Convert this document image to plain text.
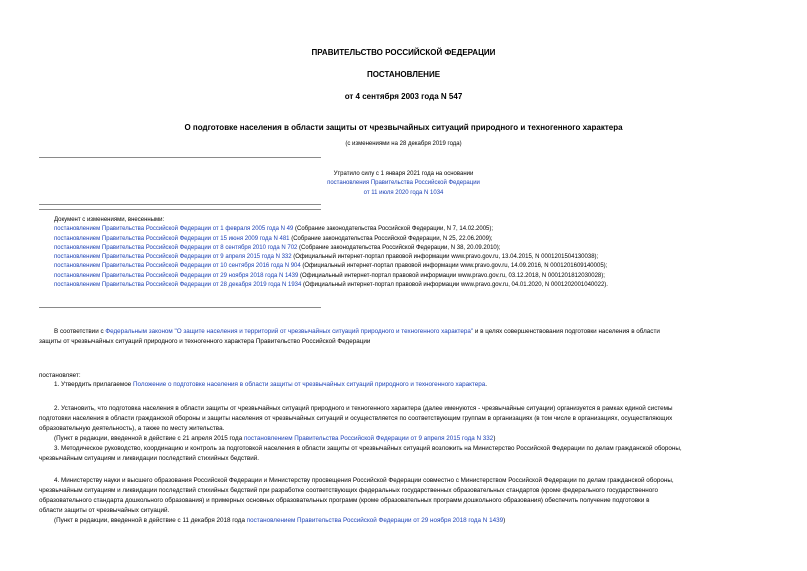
ПРАВИТЕЛЬСТВО РОССИЙСКОЙ ФЕДЕРАЦИИ
ПОСТАНОВЛЕНИЕ
от 4 сентября 2003 года N 547
О подготовке населения в области защиты от чрезвычайных ситуаций природного и техногенного характера
(с изменениями на 28 декабря 2019 года)
Утратило силу с 1 января 2021 года на основании
постановления Правительства Российской Федерации
от 11 июля 2020 года N 1034
Документ с изменениями, внесенными:
постановлением Правительства Российской Федерации от 1 февраля 2005 года N 49 (Собрание законодательства Российской Федерации, N 7, 14.02.2005);
постановлением Правительства Российской Федерации от 15 июня 2009 года N 481 (Собрание законодательства Российской Федерации, N 25, 22.06.2009);
постановлением Правительства Российской Федерации от 8 сентября 2010 года N 702 (Собрание законодательства Российской Федерации, N 38, 20.09.2010);
постановлением Правительства Российской Федерации от 9 апреля 2015 года N 332 (Официальный интернет-портал правовой информации www.pravo.gov.ru, 13.04.2015, N 0001201504130038);
постановлением Правительства Российской Федерации от 10 сентября 2016 года N 904 (Официальный интернет-портал правовой информации www.pravo.gov.ru, 14.09.2016, N 0001201609140005);
постановлением Правительства Российской Федерации от 29 ноября 2018 года N 1439 (Официальный интернет-портал правовой информации www.pravo.gov.ru, 03.12.2018, N 0001201812030028);
постановлением Правительства Российской Федерации от 28 декабря 2019 года N 1934 (Официальный интернет-портал правовой информации www.pravo.gov.ru, 04.01.2020, N 0001202001040022).
В соответствии с Федеральным законом "О защите населения и территорий от чрезвычайных ситуаций природного и техногенного характера" и в целях совершенствования подготовки населения в области
защиты от чрезвычайных ситуаций природного и техногенного характера Правительство Российской Федерации
постановляет:
1. Утвердить прилагаемое Положение о подготовке населения в области защиты от чрезвычайных ситуаций природного и техногенного характера.
2. Установить, что подготовка населения в области защиты от чрезвычайных ситуаций природного и техногенного характера (далее именуются - чрезвычайные ситуации) организуется в рамках единой системы
подготовки населения в области гражданской обороны и защиты населения от чрезвычайных ситуаций и осуществляется по соответствующим группам в организациях (в том числе в организациях, осуществляющих
образовательную деятельность), а также по месту жительства.
(Пункт в редакции, введенной в действие с 21 апреля 2015 года постановлением Правительства Российской Федерации от 9 апреля 2015 года N 332)
3. Методическое руководство, координацию и контроль за подготовкой населения в области защиты от чрезвычайных ситуаций возложить на Министерство Российской Федерации по делам гражданской обороны,
чрезвычайным ситуациям и ликвидации последствий стихийных бедствий.
4. Министерству науки и высшего образования Российской Федерации и Министерству просвещения Российской Федерации совместно с Министерством Российской Федерации по делам гражданской обороны,
чрезвычайным ситуациям и ликвидации последствий стихийных бедствий при разработке соответствующих федеральных государственных образовательных стандартов (кроме федерального государственного
образовательного стандарта дошкольного образования) и примерных основных образовательных программ (кроме образовательных программ дошкольного образования) обеспечить получение подготовки в
области защиты от чрезвычайных ситуаций.
(Пункт в редакции, введенной в действие с 11 декабря 2018 года постановлением Правительства Российской Федерации от 29 ноября 2018 года N 1439)
